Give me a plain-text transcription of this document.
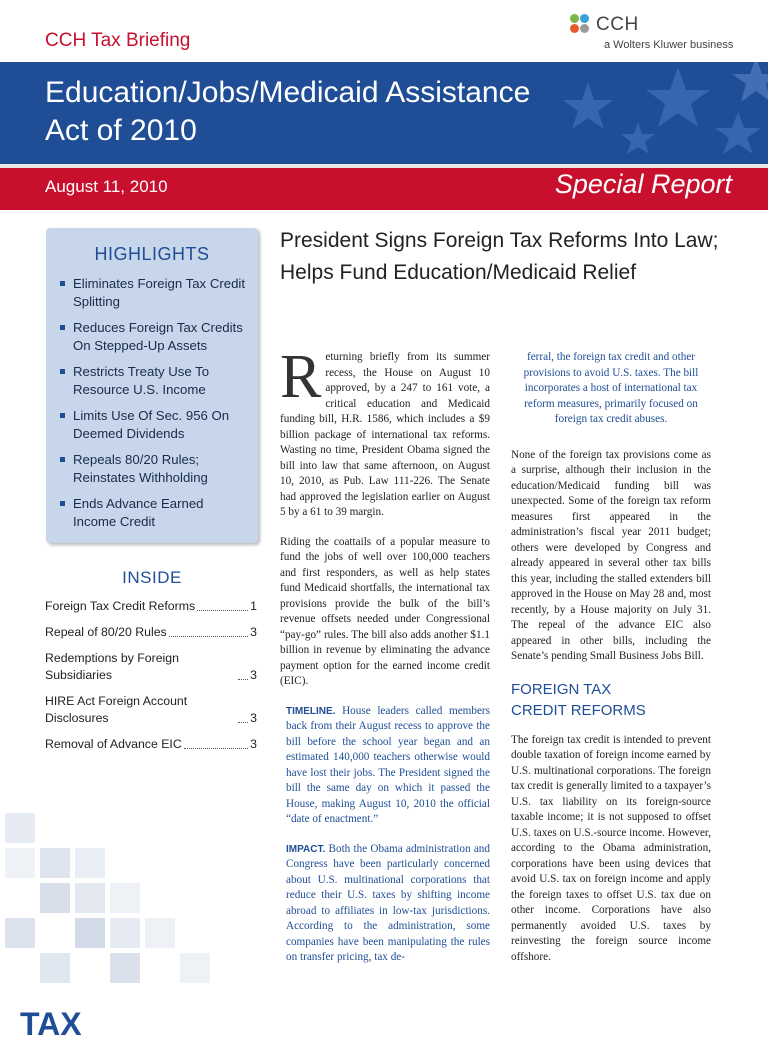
CCH Tax Briefing
CCH
a Wolters Kluwer business
Education/Jobs/Medicaid Assistance
Act of 2010
August 11, 2010	Special Report
HIGHLIGHTS
Eliminates Foreign Tax Credit Splitting
Reduces Foreign Tax Credits On Stepped-Up Assets
Restricts Treaty Use To Resource U.S. Income
Limits Use Of Sec. 956 On Deemed Dividends
Repeals 80/20 Rules; Reinstates Withholding
Ends Advance Earned Income Credit
INSIDE
Foreign Tax Credit Reforms	1
Repeal of 80/20 Rules	3
Redemptions by Foreign Subsidiaries	3
HIRE Act Foreign Account Disclosures	3
Removal of Advance EIC	3
TAX
President Signs Foreign Tax Reforms Into Law; Helps Fund Education/Medicaid Relief

Returning briefly from its summer recess, the House on August 10 approved, by a 247 to 161 vote, a critical education and Medicaid funding bill, H.R. 1586, which includes a $9 billion package of international tax reforms. Wasting no time, President Obama signed the bill into law that same afternoon, on August 10, 2010, as Pub. Law 111-226. The Senate had approved the legislation earlier on August 5 by a 61 to 39 margin.

Riding the coattails of a popular measure to fund the jobs of well over 100,000 teachers and first responders, as well as help states fund Medicaid shortfalls, the international tax provisions provide the bulk of the bill’s revenue offsets needed under Congressional “pay-go” rules. The bill also adds another $1.1 billion in revenue by eliminating the advance payment option for the earned income credit (EIC).

TIMELINE. House leaders called members back from their August recess to approve the bill before the school year began and an estimated 140,000 teachers otherwise would have lost their jobs. The President signed the bill the same day on which it passed the House, making August 10, 2010 the official “date of enactment.”

IMPACT. Both the Obama administration and Congress have been particularly concerned about U.S. multinational corporations that reduce their U.S. taxes by shifting income abroad to affiliates in low-tax jurisdictions. According to the administration, some companies have been manipulating the rules on transfer pricing, tax de-

ferral, the foreign tax credit and other provisions to avoid U.S. taxes. The bill incorporates a host of international tax reform measures, primarily focused on foreign tax credit abuses.

None of the foreign tax provisions come as a surprise, although their inclusion in the education/Medicaid funding bill was unexpected. Some of the foreign tax reform measures first appeared in the administration’s fiscal year 2011 budget; others were developed by Congress and already appeared in several other tax bills this year, including the stalled extenders bill approved in the House on May 28 and, most recently, by a House majority on July 31. The repeal of the advance EIC also appeared in other bills, including the Senate’s pending Small Business Jobs Bill.

FOREIGN TAX
CREDIT REFORMS

The foreign tax credit is intended to prevent double taxation of foreign income earned by U.S. multinational corporations. The foreign tax credit is generally limited to a taxpayer’s U.S. tax liability on its foreign-source taxable income; it is not supposed to offset U.S. taxes on U.S.-source income. However, according to the Obama administration, corporations have been using devices that avoid U.S. tax on foreign income and apply the foreign taxes to offset U.S. tax due on other income. Corporations have also permanently avoided U.S. taxes by reinvesting the foreign source income offshore.
